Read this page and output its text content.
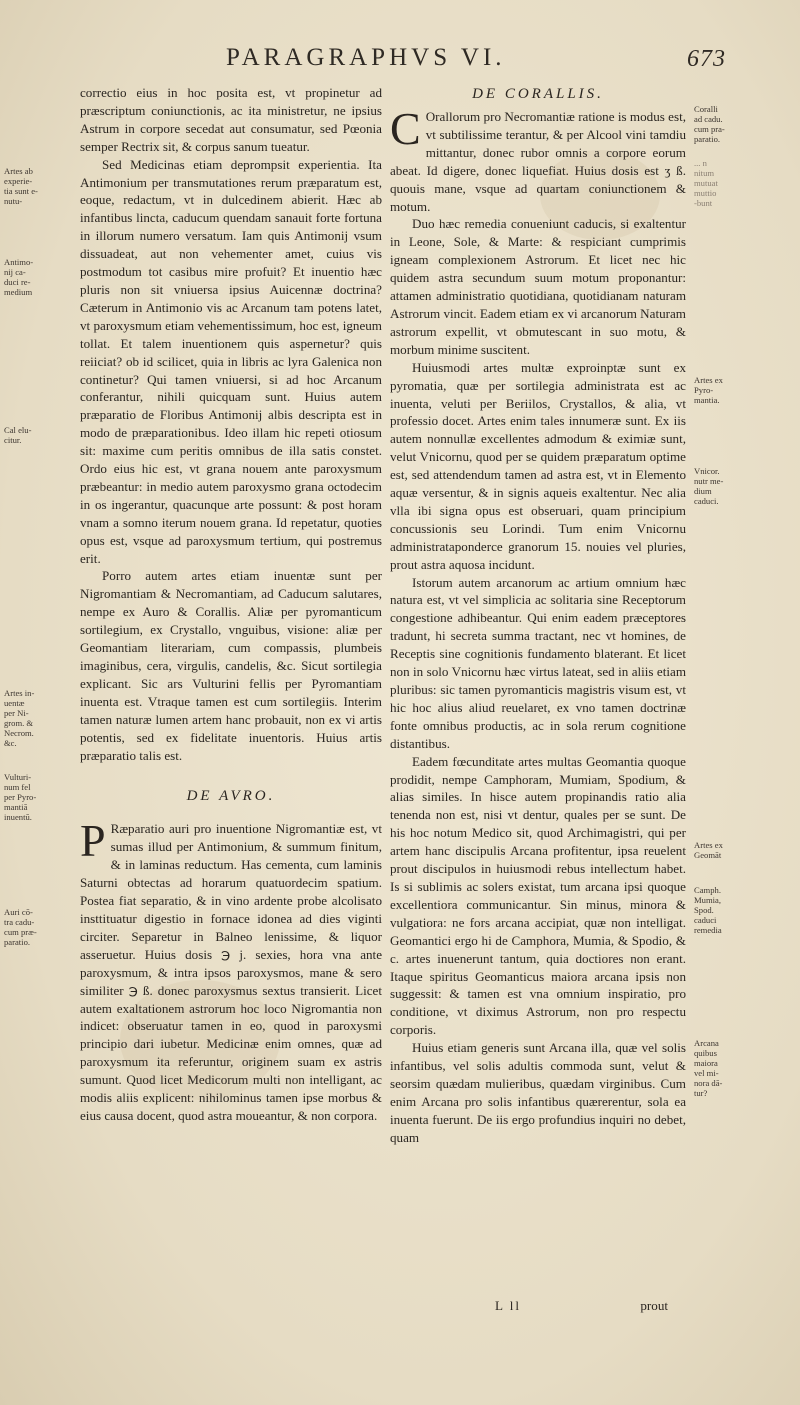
PARAGRAPHVS VI.	673
Artes ab
experie-
tia sunt e-
nutu-
Antimo-
nij ca-
duci re-
medium
Cal elu-
citur.
Artes in-
uentæ
per Ni-
grom. &
Necrom.
&c.
Vulturi-
num fel
per Pyro-
mantiā
inuentū.
Auri cō-
tra cadu-
cum præ-
paratio.

correctio eius in hoc posita est, vt propinetur ad præscriptum coniunctionis, ac ita ministretur, ne ipsius Astrum in corpore secedat aut consumatur, sed Pœonia semper Rectrix sit, & corpus sanum tueatur.

Sed Medicinas etiam deprompsit experientia. Ita Antimonium per transmutationes rerum præparatum est, eoque, redactum, vt in dulcedinem abierit. Hæc ab infantibus lincta, caducum quendam sanauit forte fortuna in illorum numero versatum. Iam quis Antimonij vsum dissuadeat, aut non vehementer amet, cuius vis postmodum tot casibus mire profuit? Et inuentio hæc pluris non sit vniuersa ipsius Auicennæ doctrina? Cæterum in Antimonio vis ac Arcanum tam potens latet, vt paroxysmum etiam vehementissimum, hoc est, igneum tollat. Et talem inuentionem quis aspernetur? quis reiiciat? ob id scilicet, quia in libris ac lyra Galenica non continetur? Qui tamen vniuersi, si ad hoc Arcanum conferantur, nihili quicquam sunt. Huius autem præparatio de Floribus Antimonij albis descripta est in modo de præparationibus. Ideo illam hic repeti otiosum sit: maxime cum peritis omnibus de illa satis constet. Ordo eius hic est, vt grana nouem ante paroxysmum præbeantur: in medio autem paroxysmo grana octodecim in os ingerantur, quacunque arte possunt: & post horam vnam a somno iterum nouem grana. Id repetatur, quoties opus est, vsque ad paroxysmum tertium, qui postremus erit.

Porro autem artes etiam inuentæ sunt per Nigromantiam & Necromantiam, ad Caducum salutares, nempe ex Auro & Corallis. Aliæ per pyromanticum sortilegium, ex Crystallo, vnguibus, visione: aliæ per Geomantiam literariam, cum compassis, plumbeis imaginibus, cera, virgulis, candelis, &c. Sicut sortilegia explicant. Sic ars Vulturini fellis per Pyromantiam inuenta est. Vtraque tamen est cum sortilegiis. Interim tamen naturæ lumen artem hanc probauit, non ex vi artis potentis, sed ex fidelitate inuentoris. Huius artis præparatio talis est.

DE AVRO.

P Ræparatio auri pro inuentione Nigromantiæ est, vt sumas illud per Antimonium, & summum finitum, & in laminas reductum. Has cementa, cum laminis Saturni obtectas ad horarum quatuordecim spatium. Postea fiat separatio, & in vino ardente probe alcolisato insttituatur digestio in fornace idonea ad dies viginti circiter. Separetur in Balneo lenissime, & liquor asseruetur. Huius dosis ℈ j. sexies, hora vna ante paroxysmum, & intra ipsos paroxysmos, mane & sero similiter ℈ ß. donec paroxysmus sextus transierit. Licet autem exaltationem astrorum hoc loco Nigromantia non indicet: obseruatur tamen in eo, quod in paroxysmi principio dari iubetur. Medicinæ enim omnes, quæ ad paroxysmum ita referuntur, originem suam ex astris sumunt. Quod licet Medicorum multi non intelligant, ac modis aliis explicent: nihilominus tamen ipse morbus & eius causa docent, quod astra moueantur, & non corpora.

DE CORALLIS.

C Orallorum pro Necromantiæ ratione is modus est, vt subtilissime terantur, & per Alcool vini tamdiu mittantur, donec rubor omnis a corpore eorum abeat. Id digere, donec liquefiat. Huius dosis est ʒ ß. quouis mane, vsque ad quartam coniunctionem & motum.

Duo hæc remedia conueniunt caducis, si exaltentur in Leone, Sole, & Marte: & respiciant cumprimis igneam complexionem Astrorum. Et licet nec hic quidem astra secundum suum motum proponantur: attamen administratio quotidiana, quotidianam naturam Astrorum vincit. Eadem etiam ex vi arcanorum Naturam astrorum expellit, vt obmutescant in suo motu, & morbum minime suscitent.

Huiusmodi artes multæ exproinptæ sunt ex pyromatia, quæ per sortilegia administrata est ac inuenta, veluti per Beriilos, Crystallos, & alia, vt professio docet. Artes enim tales innumeræ sunt. Ex iis autem nonnullæ excellentes admodum & eximiæ sunt, velut Vnicornu, quod per se quidem præparatum optime est, sed attendendum tamen ad astra est, vt in Elemento aquæ versentur, & in signis aqueis exaltentur. Nec alia vlla ibi signa opus est obseruari, quam principium concussionis seu Lorindi. Tum enim Vnicornu administrataponderce granorum 15. nouies vel pluries, prout astra aquosa incidunt.

Istorum autem arcanorum ac artium omnium hæc natura est, vt vel simplicia ac solitaria sine Receptorum congestione adhibeantur. Qui enim eadem præceptores tradunt, hi secreta summa tractant, nec vt homines, de Receptis sine cognitionis fundamento blaterant. Et licet non in solo Vnicornu hæc virtus lateat, sed in aliis etiam pluribus: sic tamen pyromanticis magistris visum est, vt hic hoc alius aliud reuelaret, ex vno tamen doctrinæ fonte omnibus productis, ac in sola rerum cognitione distantibus.

Eadem fœcunditate artes multas Geomantia quoque prodidit, nempe Camphoram, Mumiam, Spodium, & alias similes. In hisce autem propinandis ratio alia tenenda non est, nisi vt dentur, quales per se sunt. De his hoc notum Medico sit, quod Archimagistri, qui per artem hanc discipulis Arcana profitentur, ipsa reuelent prout discipulos in huiusmodi rebus intellectum habet. Is si sublimis ac solers existat, tum arcana ipsi quoque excellentiora communicantur. Sin minus, minora & vulgatiora: ne fors arcana accipiat, quæ non intelligat. Geomantici ergo hi de Camphora, Mumia, & Spodio, & c. artes inuenerunt tantum, quia doctiores non erant. Itaque spiritus Geomanticus maiora arcana ipsis non suggessit: & tamen est vna omnium inspiratio, pro conditione, vt diximus Astrorum, non pro respectu corporis.

Huius etiam generis sunt Arcana illa, quæ vel solis infantibus, vel solis adultis commoda sunt, velut & seorsim quædam mulieribus, quædam virginibus. Cum enim Arcana pro solis infantibus quærerentur, sola ea inuenta fuerunt. De iis ergo profundius inquiri no debet, quam

L ll	prout
Coralli
ad cadu.
cum pra-
paratio.
... n
nitum
mutuat
muttio
-bunt
Artes ex
Pyro-
mantia.
Vnicor.
nutr me-
dium
caduci.
Artes ex
Geomāt
Camph.
Mumia,
Spod.
caduci
remedia
Arcana
quibus
maiora
vel mi-
nora dā-
tur?
